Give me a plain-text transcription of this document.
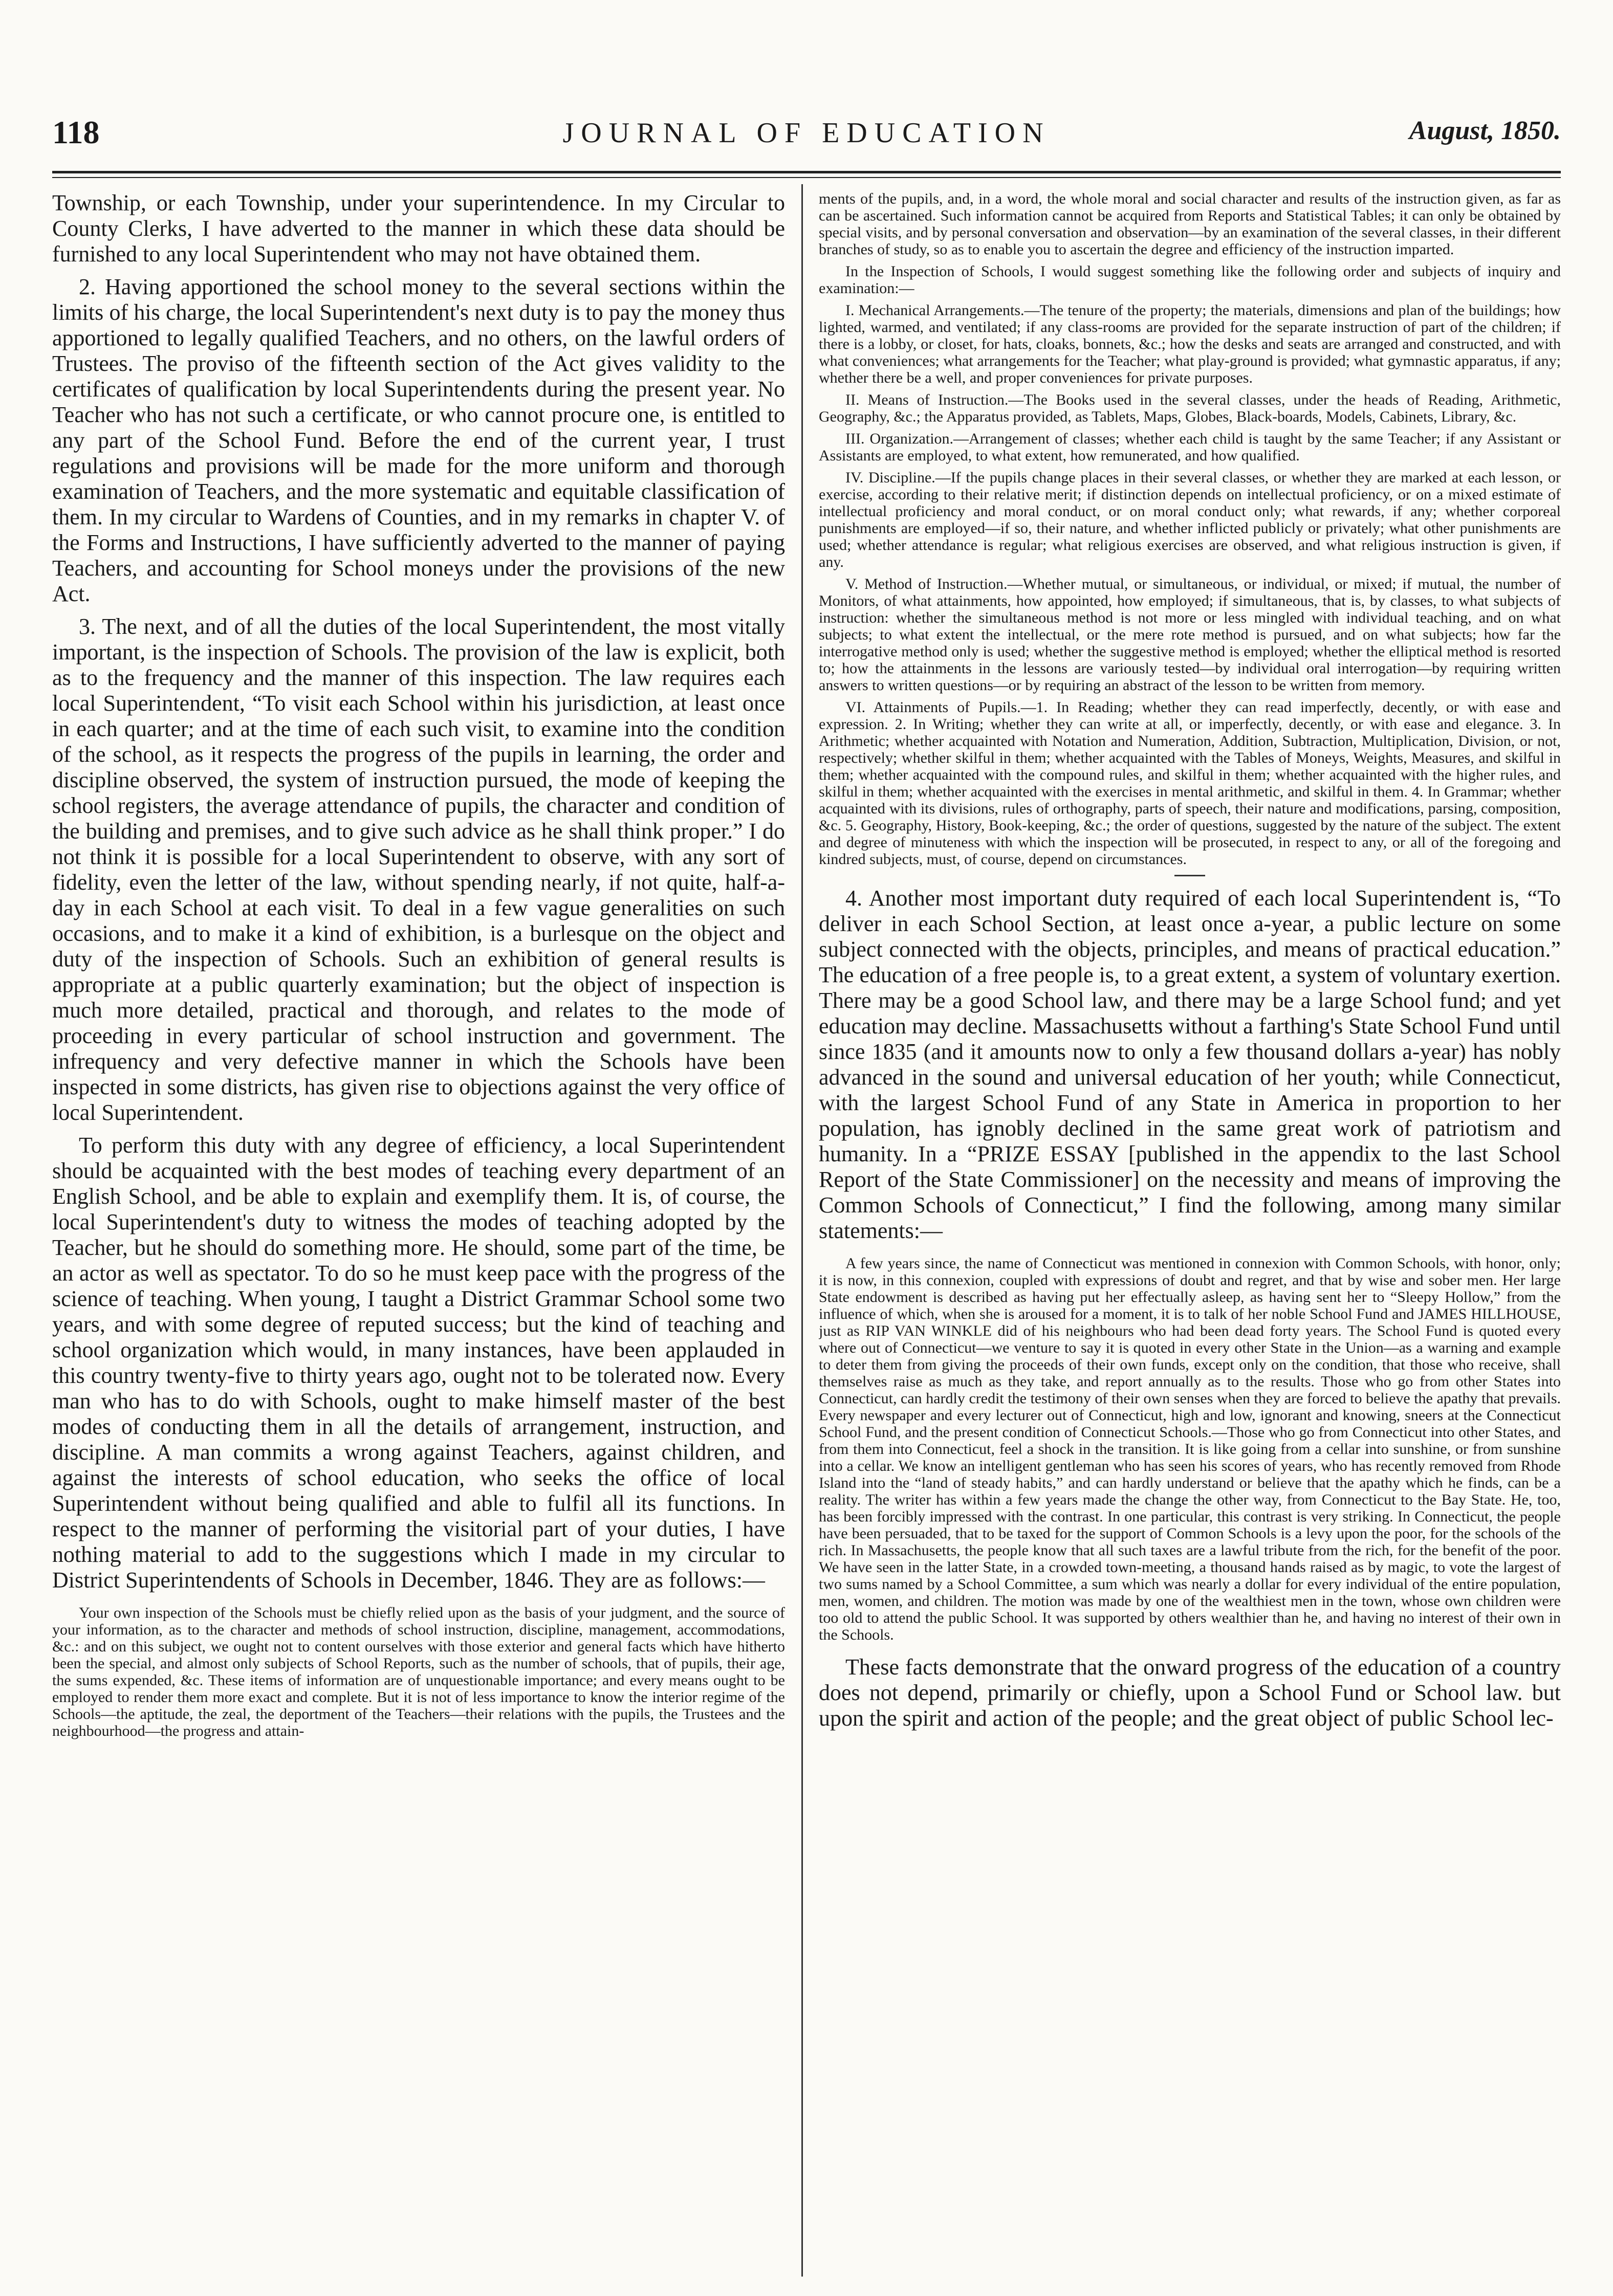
118	JOURNAL OF EDUCATION	August, 1850.

Township, or each Township, under your superintendence. In my Circular to County Clerks, I have adverted to the manner in which these data should be furnished to any local Superintendent who may not have obtained them.

2. Having apportioned the school money to the several sections within the limits of his charge, the local Superintendent's next duty is to pay the money thus apportioned to legally qualified Teachers, and no others, on the lawful orders of Trustees. The proviso of the fifteenth section of the Act gives validity to the certificates of qualification by local Superintendents during the present year. No Teacher who has not such a certificate, or who cannot procure one, is entitled to any part of the School Fund. Before the end of the current year, I trust regulations and provisions will be made for the more uniform and thorough examination of Teachers, and the more systematic and equitable classification of them. In my circular to Wardens of Counties, and in my remarks in chapter V. of the Forms and Instructions, I have sufficiently adverted to the manner of paying Teachers, and accounting for School moneys under the provisions of the new Act.

3. The next, and of all the duties of the local Superintendent, the most vitally important, is the inspection of Schools. The provision of the law is explicit, both as to the frequency and the manner of this inspection. The law requires each local Superintendent, “To visit each School within his jurisdiction, at least once in each quarter; and at the time of each such visit, to examine into the condition of the school, as it respects the progress of the pupils in learning, the order and discipline observed, the system of instruction pursued, the mode of keeping the school registers, the average attendance of pupils, the character and condition of the building and premises, and to give such advice as he shall think proper.” I do not think it is possible for a local Superintendent to observe, with any sort of fidelity, even the letter of the law, without spending nearly, if not quite, half-a-day in each School at each visit. To deal in a few vague generalities on such occasions, and to make it a kind of exhibition, is a burlesque on the object and duty of the inspection of Schools. Such an exhibition of general results is appropriate at a public quarterly examination; but the object of inspection is much more detailed, practical and thorough, and relates to the mode of proceeding in every particular of school instruction and government. The infrequency and very defective manner in which the Schools have been inspected in some districts, has given rise to objections against the very office of local Superintendent.

To perform this duty with any degree of efficiency, a local Superintendent should be acquainted with the best modes of teaching every department of an English School, and be able to explain and exemplify them. It is, of course, the local Superintendent's duty to witness the modes of teaching adopted by the Teacher, but he should do something more. He should, some part of the time, be an actor as well as spectator. To do so he must keep pace with the progress of the science of teaching. When young, I taught a District Grammar School some two years, and with some degree of reputed success; but the kind of teaching and school organization which would, in many instances, have been applauded in this country twenty-five to thirty years ago, ought not to be tolerated now. Every man who has to do with Schools, ought to make himself master of the best modes of conducting them in all the details of arrangement, instruction, and discipline. A man commits a wrong against Teachers, against children, and against the interests of school education, who seeks the office of local Superintendent without being qualified and able to fulfil all its functions. In respect to the manner of performing the visitorial part of your duties, I have nothing material to add to the suggestions which I made in my circular to District Superintendents of Schools in December, 1846. They are as follows:—

Your own inspection of the Schools must be chiefly relied upon as the basis of your judgment, and the source of your information, as to the character and methods of school instruction, discipline, management, accommodations, &c.: and on this subject, we ought not to content ourselves with those exterior and general facts which have hitherto been the special, and almost only subjects of School Reports, such as the number of schools, that of pupils, their age, the sums expended, &c. These items of information are of unquestionable importance; and every means ought to be employed to render them more exact and complete. But it is not of less importance to know the interior regime of the Schools—the aptitude, the zeal, the deportment of the Teachers—their relations with the pupils, the Trustees and the neighbourhood—the progress and attain-

ments of the pupils, and, in a word, the whole moral and social character and results of the instruction given, as far as can be ascertained. Such information cannot be acquired from Reports and Statistical Tables; it can only be obtained by special visits, and by personal conversation and observation—by an examination of the several classes, in their different branches of study, so as to enable you to ascertain the degree and efficiency of the instruction imparted.

In the Inspection of Schools, I would suggest something like the following order and subjects of inquiry and examination:—

I. Mechanical Arrangements.—The tenure of the property; the materials, dimensions and plan of the buildings; how lighted, warmed, and ventilated; if any class-rooms are provided for the separate instruction of part of the children; if there is a lobby, or closet, for hats, cloaks, bonnets, &c.; how the desks and seats are arranged and constructed, and with what conveniences; what arrangements for the Teacher; what play-ground is provided; what gymnastic apparatus, if any; whether there be a well, and proper conveniences for private purposes.

II. Means of Instruction.—The Books used in the several classes, under the heads of Reading, Arithmetic, Geography, &c.; the Apparatus provided, as Tablets, Maps, Globes, Black-boards, Models, Cabinets, Library, &c.

III. Organization.—Arrangement of classes; whether each child is taught by the same Teacher; if any Assistant or Assistants are employed, to what extent, how remunerated, and how qualified.

IV. Discipline.—If the pupils change places in their several classes, or whether they are marked at each lesson, or exercise, according to their relative merit; if distinction depends on intellectual proficiency, or on a mixed estimate of intellectual proficiency and moral conduct, or on moral conduct only; what rewards, if any; whether corporeal punishments are employed—if so, their nature, and whether inflicted publicly or privately; what other punishments are used; whether attendance is regular; what religious exercises are observed, and what religious instruction is given, if any.

V. Method of Instruction.—Whether mutual, or simultaneous, or individual, or mixed; if mutual, the number of Monitors, of what attainments, how appointed, how employed; if simultaneous, that is, by classes, to what subjects of instruction: whether the simultaneous method is not more or less mingled with individual teaching, and on what subjects; to what extent the intellectual, or the mere rote method is pursued, and on what subjects; how far the interrogative method only is used; whether the suggestive method is employed; whether the elliptical method is resorted to; how the attainments in the lessons are variously tested—by individual oral interrogation—by requiring written answers to written questions—or by requiring an abstract of the lesson to be written from memory.

VI. Attainments of Pupils.—1. In Reading; whether they can read imperfectly, decently, or with ease and expression. 2. In Writing; whether they can write at all, or imperfectly, decently, or with ease and elegance. 3. In Arithmetic; whether acquainted with Notation and Numeration, Addition, Subtraction, Multiplication, Division, or not, respectively; whether skilful in them; whether acquainted with the Tables of Moneys, Weights, Measures, and skilful in them; whether acquainted with the compound rules, and skilful in them; whether acquainted with the higher rules, and skilful in them; whether acquainted with the exercises in mental arithmetic, and skilful in them. 4. In Grammar; whether acquainted with its divisions, rules of orthography, parts of speech, their nature and modifications, parsing, composition, &c. 5. Geography, History, Book-keeping, &c.; the order of questions, suggested by the nature of the subject. The extent and degree of minuteness with which the inspection will be prosecuted, in respect to any, or all of the foregoing and kindred subjects, must, of course, depend on circumstances.

4. Another most important duty required of each local Superintendent is, “To deliver in each School Section, at least once a-year, a public lecture on some subject connected with the objects, principles, and means of practical education.” The education of a free people is, to a great extent, a system of voluntary exertion. There may be a good School law, and there may be a large School fund; and yet education may decline. Massachusetts without a farthing's State School Fund until since 1835 (and it amounts now to only a few thousand dollars a-year) has nobly advanced in the sound and universal education of her youth; while Connecticut, with the largest School Fund of any State in America in proportion to her population, has ignobly declined in the same great work of patriotism and humanity. In a “PRIZE ESSAY [published in the appendix to the last School Report of the State Commissioner] on the necessity and means of improving the Common Schools of Connecticut,” I find the following, among many similar statements:—

A few years since, the name of Connecticut was mentioned in connexion with Common Schools, with honor, only; it is now, in this connexion, coupled with expressions of doubt and regret, and that by wise and sober men. Her large State endowment is described as having put her effectually asleep, as having sent her to “Sleepy Hollow,” from the influence of which, when she is aroused for a moment, it is to talk of her noble School Fund and JAMES HILLHOUSE, just as RIP VAN WINKLE did of his neighbours who had been dead forty years. The School Fund is quoted every where out of Connecticut—we venture to say it is quoted in every other State in the Union—as a warning and example to deter them from giving the proceeds of their own funds, except only on the condition, that those who receive, shall themselves raise as much as they take, and report annually as to the results. Those who go from other States into Connecticut, can hardly credit the testimony of their own senses when they are forced to believe the apathy that prevails. Every newspaper and every lecturer out of Connecticut, high and low, ignorant and knowing, sneers at the Connecticut School Fund, and the present condition of Connecticut Schools.—Those who go from Connecticut into other States, and from them into Connecticut, feel a shock in the transition. It is like going from a cellar into sunshine, or from sunshine into a cellar. We know an intelligent gentleman who has seen his scores of years, who has recently removed from Rhode Island into the “land of steady habits,” and can hardly understand or believe that the apathy which he finds, can be a reality. The writer has within a few years made the change the other way, from Connecticut to the Bay State. He, too, has been forcibly impressed with the contrast. In one particular, this contrast is very striking. In Connecticut, the people have been persuaded, that to be taxed for the support of Common Schools is a levy upon the poor, for the schools of the rich. In Massachusetts, the people know that all such taxes are a lawful tribute from the rich, for the benefit of the poor. We have seen in the latter State, in a crowded town-meeting, a thousand hands raised as by magic, to vote the largest of two sums named by a School Committee, a sum which was nearly a dollar for every individual of the entire population, men, women, and children. The motion was made by one of the wealthiest men in the town, whose own children were too old to attend the public School. It was supported by others wealthier than he, and having no interest of their own in the Schools.

These facts demonstrate that the onward progress of the education of a country does not depend, primarily or chiefly, upon a School Fund or School law. but upon the spirit and action of the people; and the great object of public School lec-
